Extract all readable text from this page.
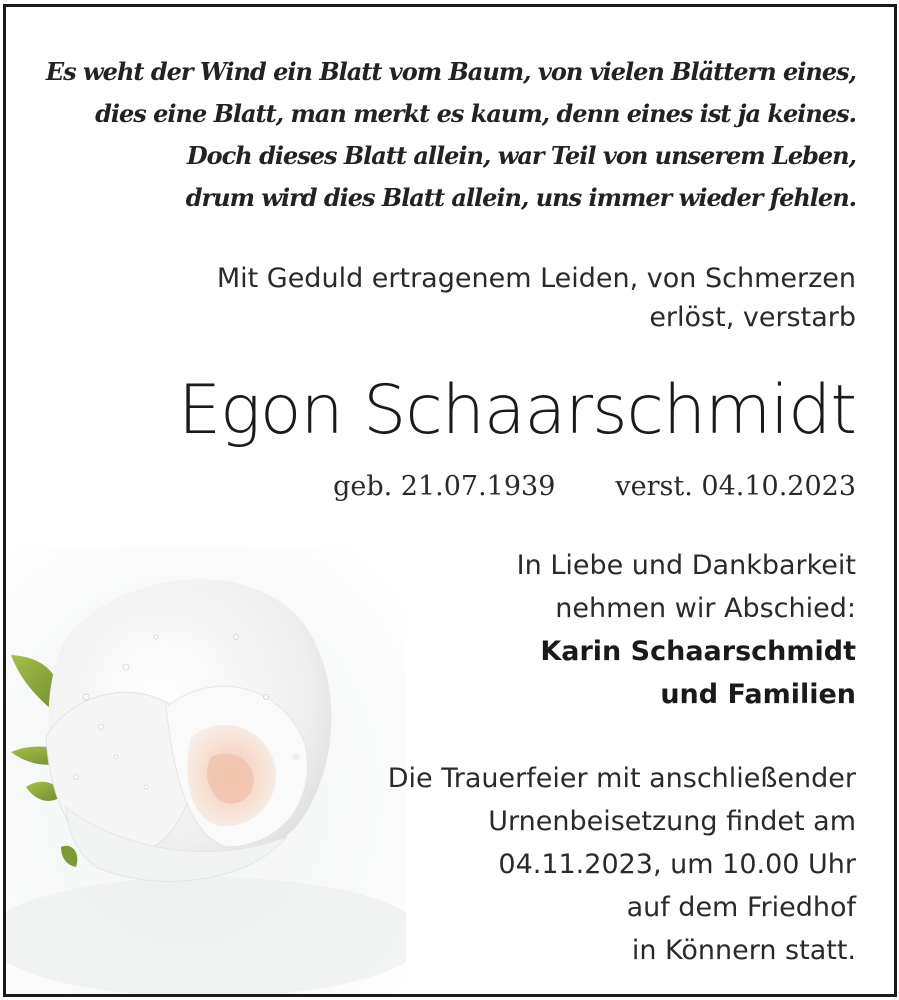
Es weht der Wind ein Blatt vom Baum, von vielen Blättern eines,
dies eine Blatt, man merkt es kaum, denn eines ist ja keines.
Doch dieses Blatt allein, war Teil von unserem Leben,
drum wird dies Blatt allein, uns immer wieder fehlen.
Mit Geduld ertragenem Leiden, von Schmerzen
erlöst, verstarb
Egon Schaarschmidt
geb. 21.07.1939 verst. 04.10.2023
In Liebe und Dankbarkeit
nehmen wir Abschied:
Karin Schaarschmidt
und Familien
Die Trauerfeier mit anschließender
Urnenbeisetzung findet am
04.11.2023, um 10.00 Uhr
auf dem Friedhof
in Könnern statt.
